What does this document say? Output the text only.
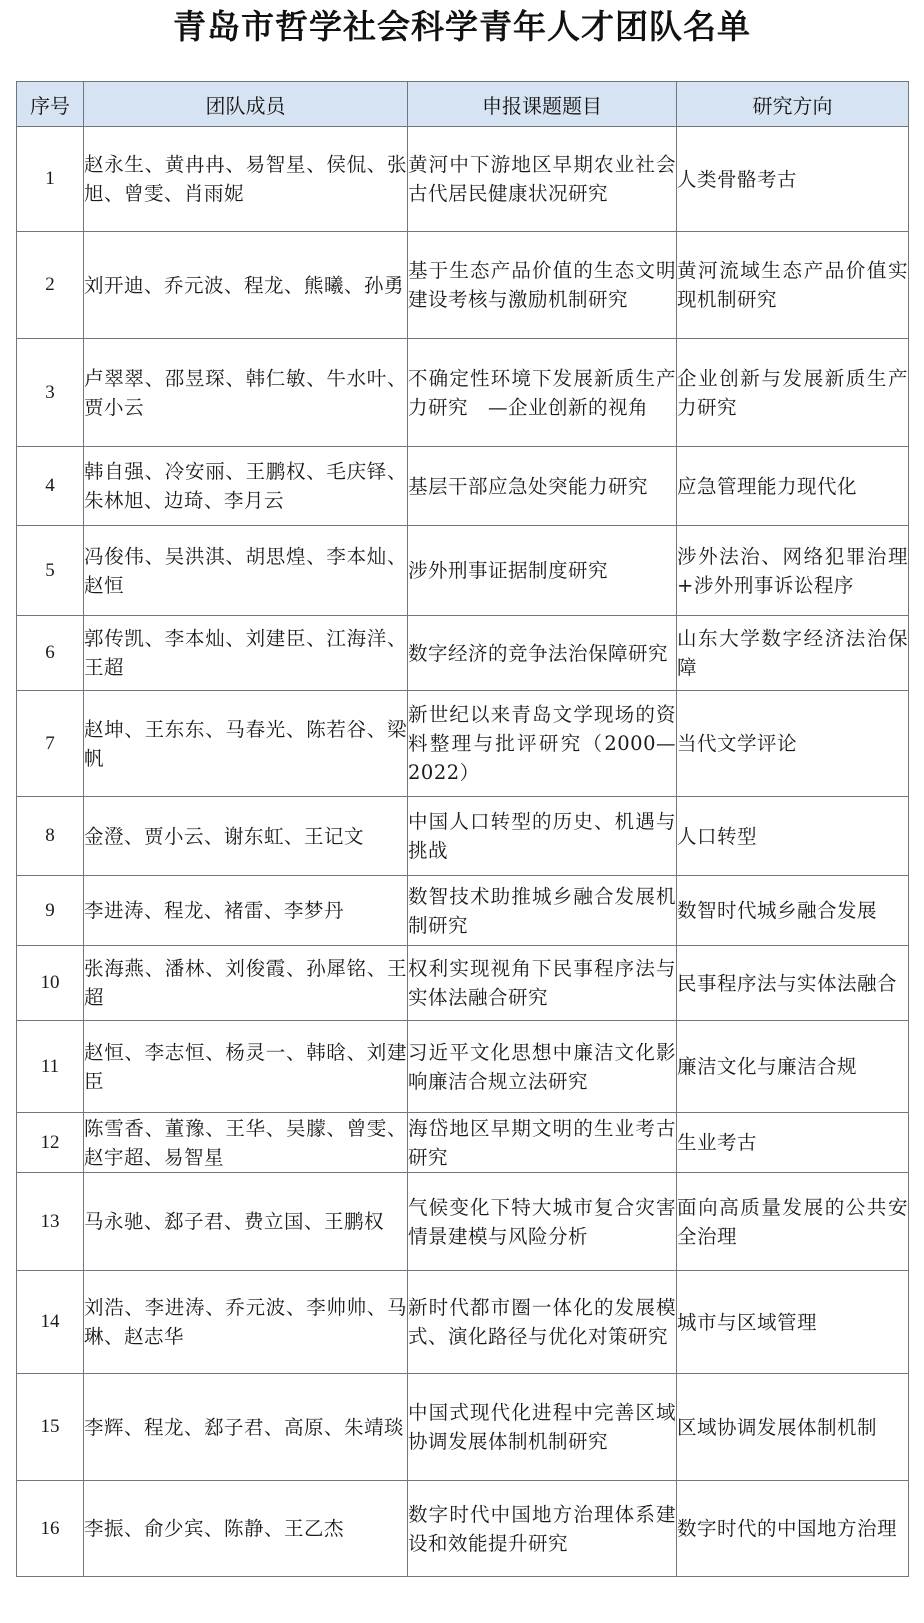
青岛市哲学社会科学青年人才团队名单
序号	团队成员	申报课题题目	研究方向
1	赵永生、黄冉冉、易智星、侯侃、张旭、曾雯、肖雨妮	黄河中下游地区早期农业社会古代居民健康状况研究	人类骨骼考古
2	刘开迪、乔元波、程龙、熊曦、孙勇	基于生态产品价值的生态文明建设考核与激励机制研究	黄河流域生态产品价值实现机制研究
3	卢翠翠、邵昱琛、韩仁敏、牛水叶、贾小云	不确定性环境下发展新质生产力研究　—企业创新的视角	企业创新与发展新质生产力研究
4	韩自强、冷安丽、王鹏权、毛庆铎、朱林旭、边琦、李月云	基层干部应急处突能力研究	应急管理能力现代化
5	冯俊伟、吴洪淇、胡思煌、李本灿、赵恒	涉外刑事证据制度研究	涉外法治、网络犯罪治理+涉外刑事诉讼程序
6	郭传凯、李本灿、刘建臣、江海洋、王超	数字经济的竞争法治保障研究	山东大学数字经济法治保障
7	赵坤、王东东、马春光、陈若谷、梁帆	新世纪以来青岛文学现场的资料整理与批评研究（2000—2022）	当代文学评论
8	金澄、贾小云、谢东虹、王记文	中国人口转型的历史、机遇与挑战	人口转型
9	李进涛、程龙、褚雷、李梦丹	数智技术助推城乡融合发展机制研究	数智时代城乡融合发展
10	张海燕、潘林、刘俊霞、孙犀铭、王超	权利实现视角下民事程序法与实体法融合研究	民事程序法与实体法融合
11	赵恒、李志恒、杨灵一、韩晗、刘建臣	习近平文化思想中廉洁文化影响廉洁合规立法研究	廉洁文化与廉洁合规
12	陈雪香、董豫、王华、吴朦、曾雯、赵宇超、易智星	海岱地区早期文明的生业考古研究	生业考古
13	马永驰、郄子君、费立国、王鹏权	气候变化下特大城市复合灾害情景建模与风险分析	面向高质量发展的公共安全治理
14	刘浩、李进涛、乔元波、李帅帅、马琳、赵志华	新时代都市圈一体化的发展模式、演化路径与优化对策研究	城市与区域管理
15	李辉、程龙、郄子君、高原、朱靖琰	中国式现代化进程中完善区域协调发展体制机制研究	区域协调发展体制机制
16	李振、俞少宾、陈静、王乙杰	数字时代中国地方治理体系建设和效能提升研究	数字时代的中国地方治理
